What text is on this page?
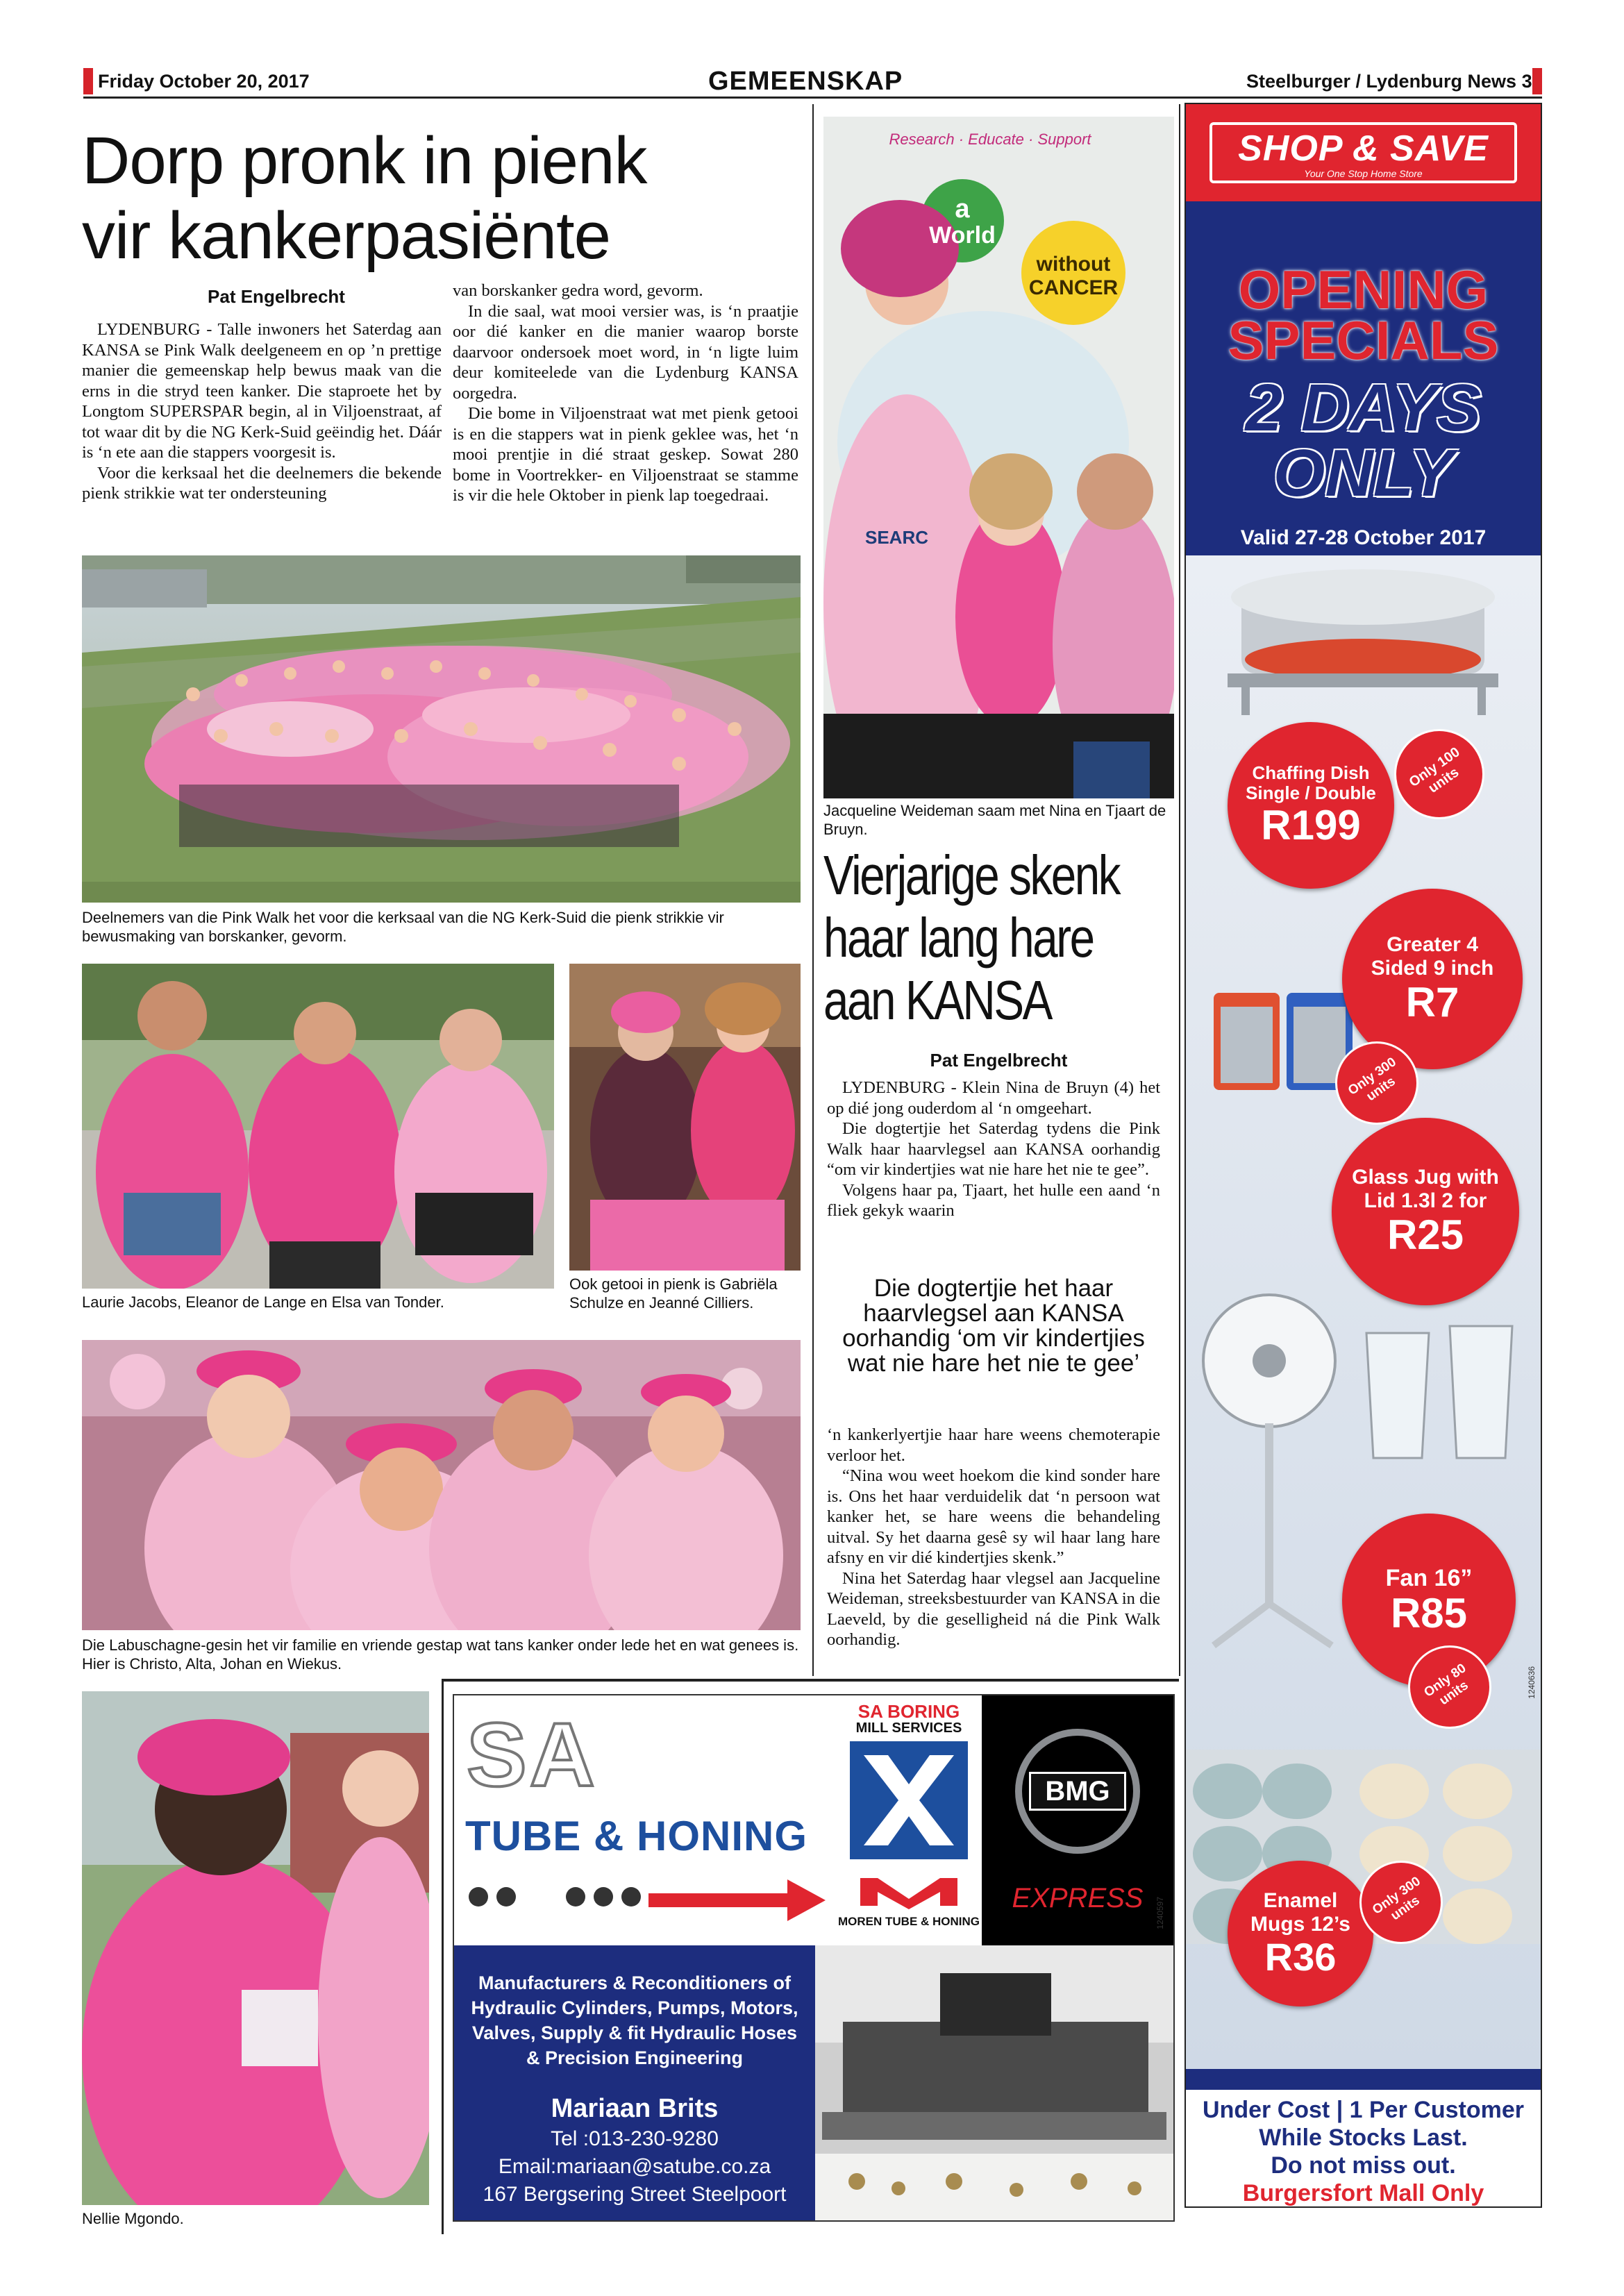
Friday October 20, 2017	GEMEENSKAP	Steelburger / Lydenburg News 3
Dorp pronk in pienk
vir kankerpasiënte
Pat Engelbrecht

LYDENBURG - Talle inwoners het Saterdag aan KANSA se Pink Walk deelgeneem en op ’n prettige manier die gemeenskap help bewus maak van die erns in die stryd teen kanker. Die staproete het by Longtom SUPERSPAR begin, al in Viljoenstraat, af tot waar dit by die NG Kerk-Suid geëindig het. Dáár is ‘n ete aan die stappers voorgesit is.

Voor die kerksaal het die deelnemers die bekende pienk strikkie wat ter ondersteuning

van borskanker gedra word, gevorm.

In die saal, wat mooi versier was, is ‘n praatjie oor dié kanker en die manier waarop borste daarvoor ondersoek moet word, in ‘n ligte luim deur komiteelede van die Lydenburg KANSA oorgedra.

Die bome in Viljoenstraat wat met pienk getooi is en die stappers wat in pienk geklee was, het ‘n mooi prentjie in dié straat geskep. Sowat 280 bome in Voortrekker- en Viljoenstraat se stamme is vir die hele Oktober in pienk lap toegedraai.

Deelnemers van die Pink Walk het voor die kerksaal van die NG Kerk-Suid die pienk strikkie vir bewusmaking van borskanker, gevorm.
Laurie Jacobs, Eleanor de Lange en Elsa van Tonder.
Ook getooi in pienk is Gabriëla Schulze en Jeanné Cilliers.
Die Labuschagne-gesin het vir familie en vriende gestap wat tans kanker onder lede het en wat genees is. Hier is Christo, Alta, Johan en Wiekus.
Nellie Mgondo.
Research · Educate · Support
a
World
without
CANCER
SEARC
Jacqueline Weideman saam met Nina en Tjaart de Bruyn.
Vierjarige skenk
haar lang hare
aan KANSA
Pat Engelbrecht

LYDENBURG - Klein Nina de Bruyn (4) het op dié jong ouderdom al ‘n omgeehart.

Die dogtertjie het Saterdag tydens die Pink Walk haar haarvlegsel aan KANSA oorhandig “om vir kindertjies wat nie hare het nie te gee”.

Volgens haar pa, Tjaart, het hulle een aand ‘n fliek gekyk waarin

Die dogtertjie het haar haarvlegsel aan KANSA oorhandig ‘om vir kindertjies wat nie hare het nie te gee’

‘n kankerlyertjie haar hare weens chemoterapie verloor het.

“Nina wou weet hoekom die kind sonder hare is. Ons het haar verduidelik dat ‘n persoon wat kanker het, se hare weens die behandeling uitval. Sy het daarna gesê sy wil haar lang hare afsny en vir dié kindertjies skenk.”

Nina het Saterdag haar vlegsel aan Jacqueline Weideman, streeksbestuurder van KANSA in die Laeveld, by die geselligheid ná die Pink Walk oorhandig.

SHOP & SAVE
Your One Stop Home Store
OPENING
SPECIALS
2 DAYS
ONLY
Valid 27-28 October 2017
Chaffing Dish Single / Double
R199
Only 100 units
Greater 4 Sided 9 inch
R7
Only 300 units
Glass Jug with Lid 1.3l 2 for
R25
Fan 16”
R85
Only 80 units
Enamel Mugs 12’s
R36
Only 300 units
1240636
Under Cost | 1 Per Customer
While Stocks Last.
Do not miss out.
Burgersfort Mall Only
SA
TUBE & HONING
SA BORING
MILL SERVICES
MOREN TUBE & HONING
BMG
EXPRESS
Manufacturers & Reconditioners of Hydraulic Cylinders, Pumps, Motors, Valves, Supply & fit Hydraulic Hoses & Precision Engineering
Mariaan Brits
Tel :013-230-9280
Email:mariaan@satube.co.za
167 Bergsering Street Steelpoort
1240597
